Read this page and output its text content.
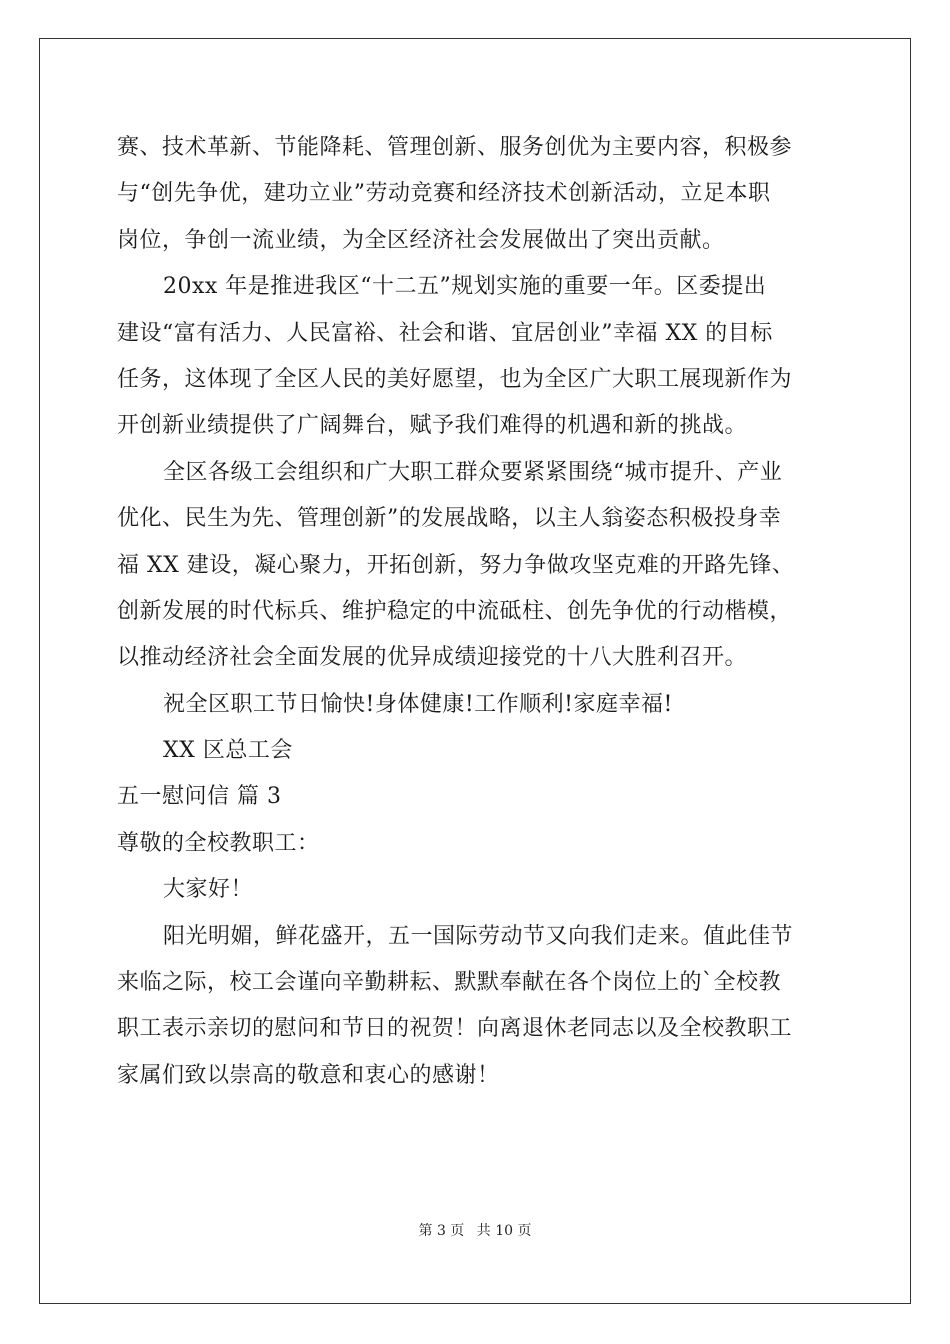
赛、技术革新、节能降耗、管理创新、服务创优为主要内容，积极参
与“创先争优，建功立业”劳动竞赛和经济技术创新活动，立足本职
岗位，争创一流业绩，为全区经济社会发展做出了突出贡献。
20xx 年是推进我区“十二五”规划实施的重要一年。区委提出
建设“富有活力、人民富裕、社会和谐、宜居创业”幸福 XX 的目标
任务，这体现了全区人民的美好愿望，也为全区广大职工展现新作为
开创新业绩提供了广阔舞台，赋予我们难得的机遇和新的挑战。
全区各级工会组织和广大职工群众要紧紧围绕“城市提升、产业
优化、民生为先、管理创新”的发展战略，以主人翁姿态积极投身幸
福 XX 建设，凝心聚力，开拓创新，努力争做攻坚克难的开路先锋、
创新发展的时代标兵、维护稳定的中流砥柱、创先争优的行动楷模，
以推动经济社会全面发展的优异成绩迎接党的十八大胜利召开。
祝全区职工节日愉快!身体健康!工作顺利!家庭幸福!
XX 区总工会
五一慰问信 篇 3
尊敬的全校教职工：
大家好！
阳光明媚，鲜花盛开，五一国际劳动节又向我们走来。值此佳节
来临之际，校工会谨向辛勤耕耘、默默奉献在各个岗位上的`全校教
职工表示亲切的慰问和节日的祝贺！向离退休老同志以及全校教职工
家属们致以崇高的敬意和衷心的感谢！
第 3 页 共 10 页
